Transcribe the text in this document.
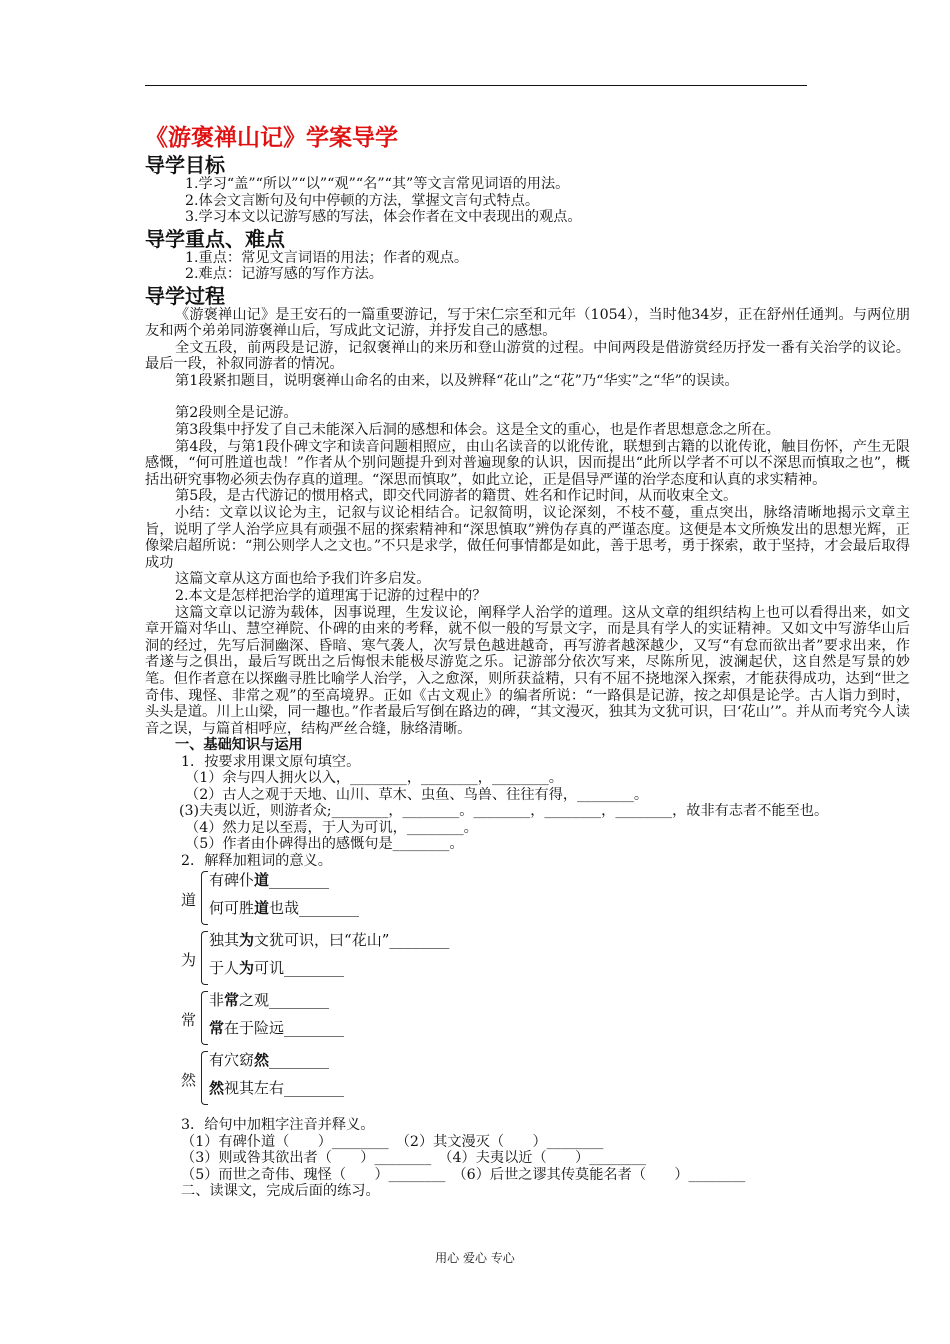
《游褒禅山记》学案导学
导学目标
1.学习“盖”“所以”“以”“观”“名”“其”等文言常见词语的用法。
2.体会文言断句及句中停顿的方法，掌握文言句式特点。
3.学习本文以记游写感的写法，体会作者在文中表现出的观点。
导学重点、难点
1.重点：常见文言词语的用法；作者的观点。
2.难点：记游写感的写作方法。
导学过程
《游褒禅山记》是王安石的一篇重要游记，写于宋仁宗至和元年（1054），当时他34岁，正在舒州任通判。与两位朋友和两个弟弟同游褒禅山后，写成此文记游，并抒发自己的感想。
全文五段，前两段是记游，记叙褒禅山的来历和登山游赏的过程。中间两段是借游赏经历抒发一番有关治学的议论。最后一段，补叙同游者的情况。
第1段紧扣题目，说明褒禅山命名的由来，以及辨释“花山”之“花”乃“华实”之“华”的误读。
第2段则全是记游。
第3段集中抒发了自己未能深入后洞的感想和体会。这是全文的重心，也是作者思想意念之所在。
第4段，与第1段仆碑文字和读音问题相照应，由山名读音的以讹传讹，联想到古籍的以讹传讹，触目伤怀，产生无限感慨，“何可胜道也哉！”作者从个别问题提升到对普遍现象的认识，因而提出“此所以学者不可以不深思而慎取之也”，概括出研究事物必须去伪存真的道理。“深思而慎取”，如此立论，正是倡导严谨的治学态度和认真的求实精神。
第5段，是古代游记的惯用格式，即交代同游者的籍贯、姓名和作记时间，从而收束全文。
小结：文章以议论为主，记叙与议论相结合。记叙简明，议论深刻，不枝不蔓，重点突出，脉络清晰地揭示文章主旨，说明了学人治学应具有顽强不屈的探索精神和“深思慎取”辨伪存真的严谨态度。这便是本文所焕发出的思想光辉，正像梁启超所说：“荆公则学人之文也。”不只是求学，做任何事情都是如此，善于思考，勇于探索，敢于坚持，才会最后取得成功
这篇文章从这方面也给予我们许多启发。
2.本文是怎样把治学的道理寓于记游的过程中的？
这篇文章以记游为载体，因事说理，生发议论，阐释学人治学的道理。这从文章的组织结构上也可以看得出来，如文章开篇对华山、慧空禅院、仆碑的由来的考释，就不似一般的写景文字，而是具有学人的实证精神。又如文中写游华山后洞的经过，先写后洞幽深、昏暗、寒气袭人，次写景色越进越奇，再写游者越深越少，又写“有怠而欲出者”要求出来，作者遂与之俱出，最后写既出之后悔恨未能极尽游览之乐。记游部分依次写来，尽陈所见，波澜起伏，这自然是写景的妙笔。但作者意在以探幽寻胜比喻学人治学，入之愈深，则所获益精，只有不屈不挠地深入探索，才能获得成功，达到“世之奇伟、瑰怪、非常之观”的至高境界。正如《古文观止》的编者所说：“一路俱是记游，按之却俱是论学。古人诣力到时，头头是道。川上山梁，同一趣也。”作者最后写倒在路边的碑，“其文漫灭，独其为文犹可识，曰‘花山’”。并从而考究今人读音之误，与篇首相呼应，结构严丝合缝，脉络清晰。
一、基础知识与运用
1．按要求用课文原句填空。
（1）余与四人拥火以入，________，________，________。
（2）古人之观于天地、山川、草木、虫鱼、鸟兽、往往有得，________。
(3)夫夷以近，则游者众;________，________。________，________，________，故非有志者不能至也。
（4）然力足以至焉，于人为可讥，________。
（5）作者由仆碑得出的感慨句是________。
2．解释加粗词的意义。
道
有碑仆道________
何可胜道也哉________
为
独其为文犹可识，曰“花山”________
于人为可讥________
常
非常之观________
常在于险远________
然
有穴窈然________
然视其左右________
3．给句中加粗字注音并释义。
（1）有碑仆道（　　）________　（2）其文漫灭（　　）________
（3）则或咎其欲出者（　　）________　（4）夫夷以近（　　）________
（5）而世之奇伟、瑰怪（　　）________　（6）后世之谬其传莫能名者（　　）________
二、读课文，完成后面的练习。
用心 爱心 专心
